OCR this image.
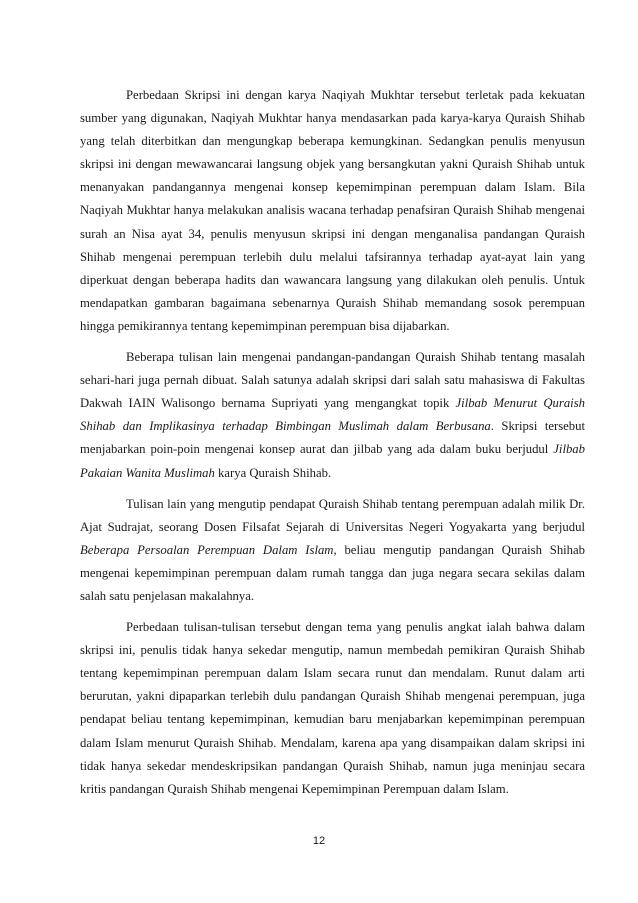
Perbedaan Skripsi ini dengan karya Naqiyah Mukhtar tersebut terletak pada kekuatan sumber yang digunakan, Naqiyah Mukhtar hanya mendasarkan pada karya-karya Quraish Shihab yang telah diterbitkan dan mengungkap beberapa kemungkinan. Sedangkan penulis menyusun skripsi ini dengan mewawancarai langsung objek yang bersangkutan yakni Quraish Shihab untuk menanyakan pandangannya mengenai konsep kepemimpinan perempuan dalam Islam. Bila Naqiyah Mukhtar hanya melakukan analisis wacana terhadap penafsiran Quraish Shihab mengenai surah an Nisa ayat 34, penulis menyusun skripsi ini dengan menganalisa pandangan Quraish Shihab mengenai perempuan terlebih dulu melalui tafsirannya terhadap ayat-ayat lain yang diperkuat dengan beberapa hadits dan wawancara langsung yang dilakukan oleh penulis. Untuk mendapatkan gambaran bagaimana sebenarnya Quraish Shihab memandang sosok perempuan hingga pemikirannya tentang kepemimpinan perempuan bisa dijabarkan.

Beberapa tulisan lain mengenai pandangan-pandangan Quraish Shihab tentang masalah sehari-hari juga pernah dibuat. Salah satunya adalah skripsi dari salah satu mahasiswa di Fakultas Dakwah IAIN Walisongo bernama Supriyati yang mengangkat topik Jilbab Menurut Quraish Shihab dan Implikasinya terhadap Bimbingan Muslimah dalam Berbusana. Skripsi tersebut menjabarkan poin-poin mengenai konsep aurat dan jilbab yang ada dalam buku berjudul Jilbab Pakaian Wanita Muslimah karya Quraish Shihab.

Tulisan lain yang mengutip pendapat Quraish Shihab tentang perempuan adalah milik Dr. Ajat Sudrajat, seorang Dosen Filsafat Sejarah di Universitas Negeri Yogyakarta yang berjudul Beberapa Persoalan Perempuan Dalam Islam, beliau mengutip pandangan Quraish Shihab mengenai kepemimpinan perempuan dalam rumah tangga dan juga negara secara sekilas dalam salah satu penjelasan makalahnya.

Perbedaan tulisan-tulisan tersebut dengan tema yang penulis angkat ialah bahwa dalam skripsi ini, penulis tidak hanya sekedar mengutip, namun membedah pemikiran Quraish Shihab tentang kepemimpinan perempuan dalam Islam secara runut dan mendalam. Runut dalam arti berurutan, yakni dipaparkan terlebih dulu pandangan Quraish Shihab mengenai perempuan, juga pendapat beliau tentang kepemimpinan, kemudian baru menjabarkan kepemimpinan perempuan dalam Islam menurut Quraish Shihab. Mendalam, karena apa yang disampaikan dalam skripsi ini tidak hanya sekedar mendeskripsikan pandangan Quraish Shihab, namun juga meninjau secara kritis pandangan Quraish Shihab mengenai Kepemimpinan Perempuan dalam Islam.

12
